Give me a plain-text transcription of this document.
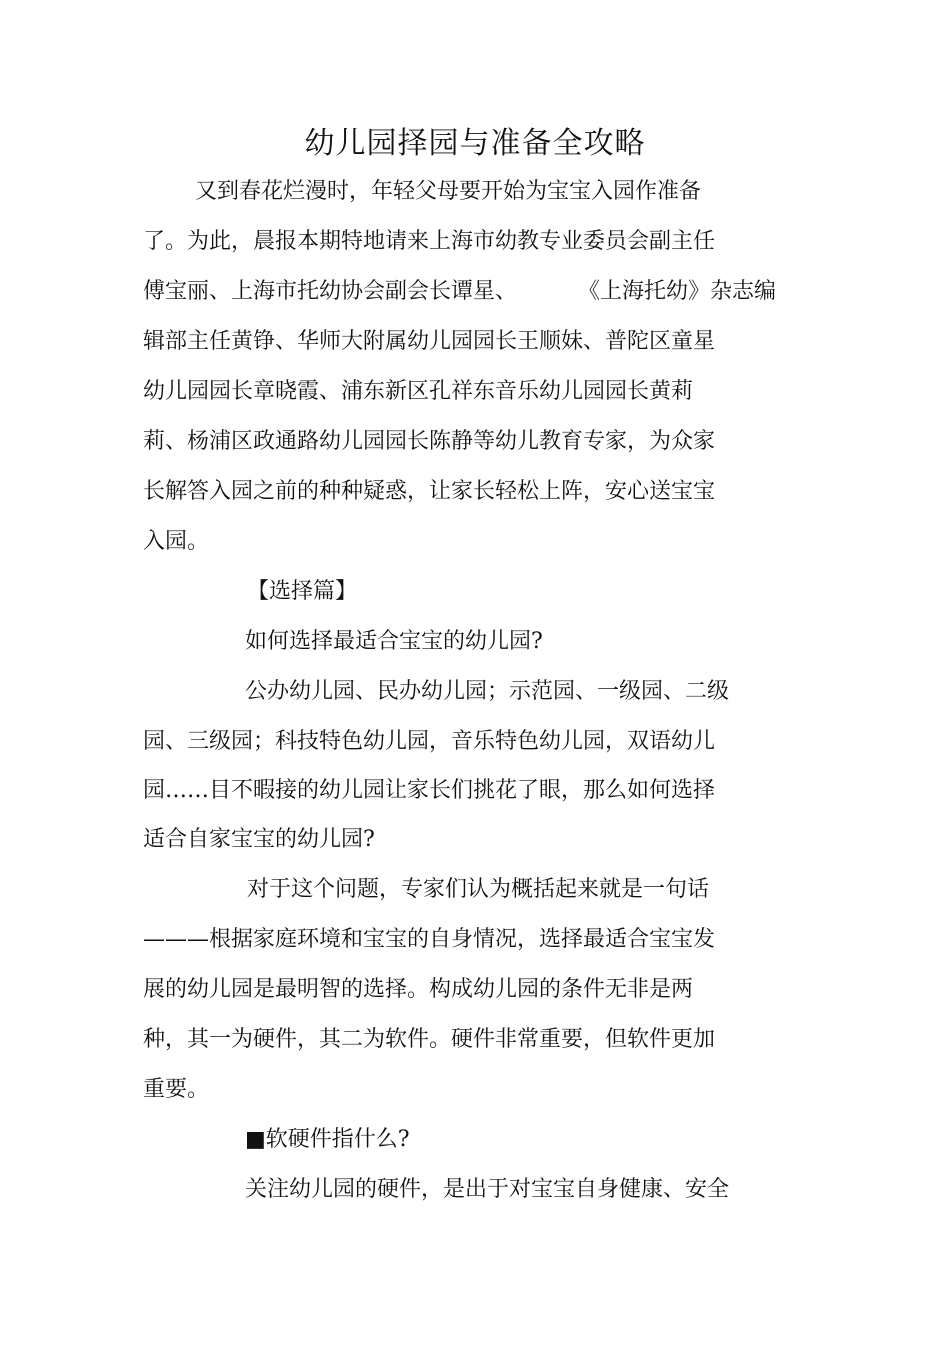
幼儿园择园与准备全攻略
又到春花烂漫时，年轻父母要开始为宝宝入园作准备
了。为此，晨报本期特地请来上海市幼教专业委员会副主任
傅宝丽、上海市托幼协会副会长谭星、	《上海托幼》杂志编
辑部主任黄铮、华师大附属幼儿园园长王顺妹、普陀区童星
幼儿园园长章晓霞、浦东新区孔祥东音乐幼儿园园长黄莉
莉、杨浦区政通路幼儿园园长陈静等幼儿教育专家，为众家
长解答入园之前的种种疑惑，让家长轻松上阵，安心送宝宝
入园。
【选择篇】
如何选择最适合宝宝的幼儿园?
公办幼儿园、民办幼儿园；示范园、一级园、二级
园、三级园；科技特色幼儿园，音乐特色幼儿园，双语幼儿
园……目不暇接的幼儿园让家长们挑花了眼，那么如何选择
适合自家宝宝的幼儿园?
对于这个问题，专家们认为概括起来就是一句话
———根据家庭环境和宝宝的自身情况，选择最适合宝宝发
展的幼儿园是最明智的选择。构成幼儿园的条件无非是两
种，其一为硬件，其二为软件。硬件非常重要，但软件更加
重要。
■软硬件指什么?
关注幼儿园的硬件，是出于对宝宝自身健康、安全
